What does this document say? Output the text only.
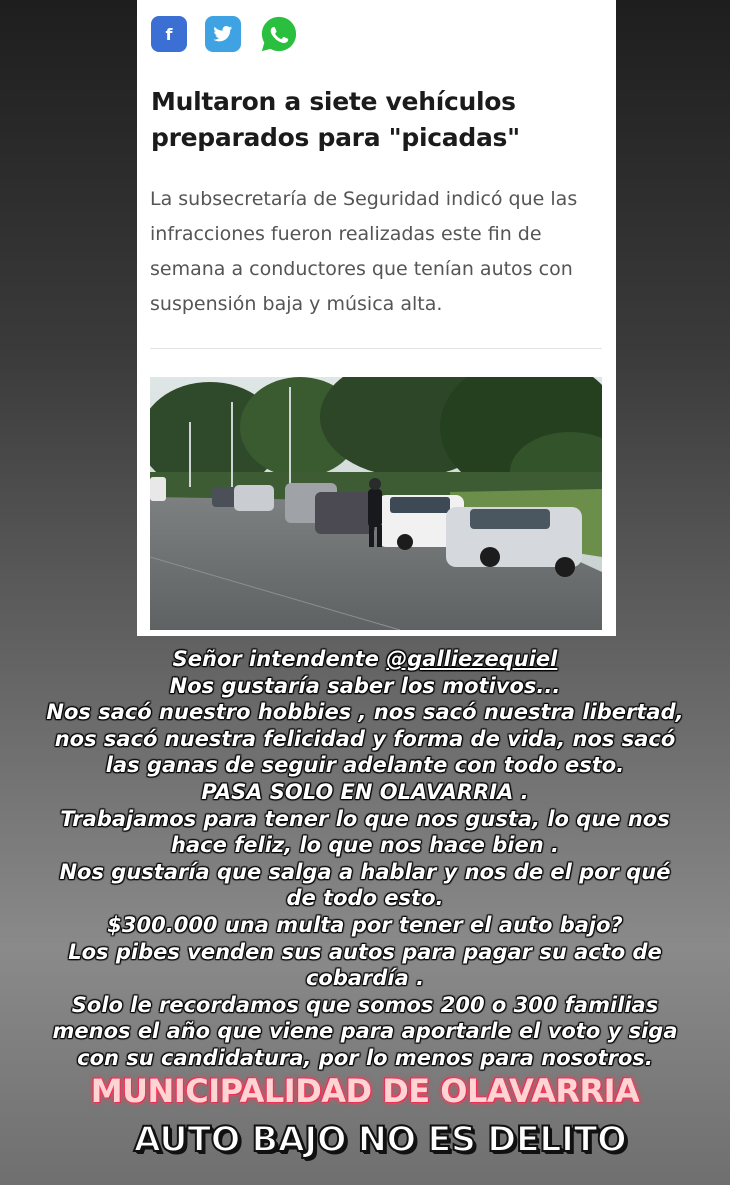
f
Multaron a siete vehículos preparados para "picadas"

La subsecretaría de Seguridad indicó que las infracciones fueron realizadas este fin de semana a conductores que tenían autos con suspensión baja y música alta.

Señor intendente @galliezequiel
Nos gustaría saber los motivos...
Nos sacó nuestro hobbies , nos sacó nuestra libertad,
nos sacó nuestra felicidad y forma de vida, nos sacó
las ganas de seguir adelante con todo esto.
PASA SOLO EN OLAVARRIA .
Trabajamos para tener lo que nos gusta, lo que nos
hace feliz, lo que nos hace bien .
Nos gustaría que salga a hablar y nos de el por qué
de todo esto.
$300.000 una multa por tener el auto bajo?
Los pibes venden sus autos para pagar su acto de
cobardía .
Solo le recordamos que somos 200 o 300 familias
menos el año que viene para aportarle el voto y siga
con su candidatura, por lo menos para nosotros.
MUNICIPALIDAD DE OLAVARRIA
AUTO BAJO NO ES DELITO
